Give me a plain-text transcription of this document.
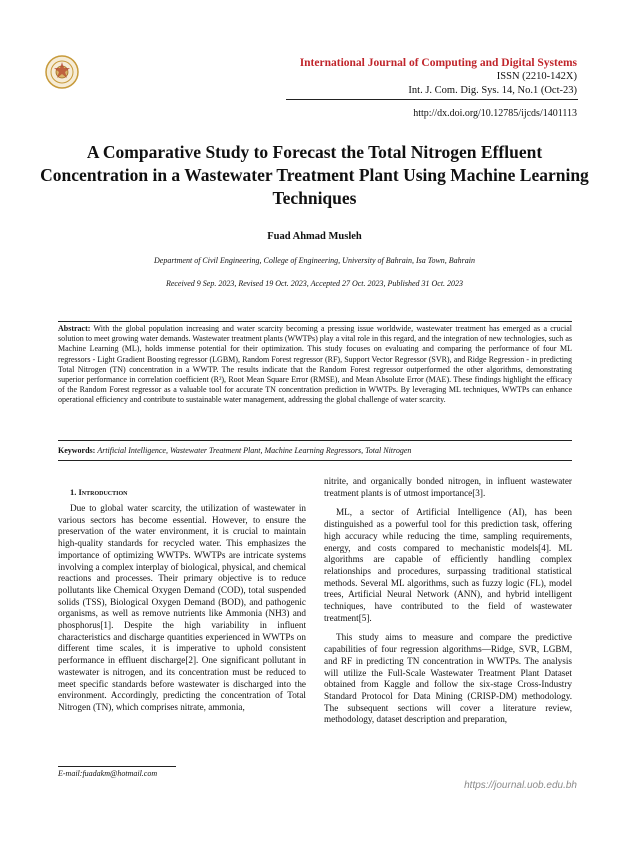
International Journal of Computing and Digital Systems
ISSN (2210-142X)
Int. J. Com. Dig. Sys. 14, No.1 (Oct-23)
http://dx.doi.org/10.12785/ijcds/1401113
A Comparative Study to Forecast the Total Nitrogen Effluent Concentration in a Wastewater Treatment Plant Using Machine Learning Techniques
Fuad Ahmad Musleh
Department of Civil Engineering, College of Engineering, University of Bahrain, Isa Town, Bahrain
Received 9 Sep. 2023, Revised 19 Oct. 2023, Accepted 27 Oct. 2023, Published 31 Oct. 2023
Abstract: With the global population increasing and water scarcity becoming a pressing issue worldwide, wastewater treatment has emerged as a crucial solution to meet growing water demands. Wastewater treatment plants (WWTPs) play a vital role in this regard, and the integration of new technologies, such as Machine Learning (ML), holds immense potential for their optimization. This study focuses on evaluating and comparing the performance of four ML regressors - Light Gradient Boosting regressor (LGBM), Random Forest regressor (RF), Support Vector Regressor (SVR), and Ridge Regression - in predicting Total Nitrogen (TN) concentration in a WWTP. The results indicate that the Random Forest regressor outperformed the other algorithms, demonstrating superior performance in correlation coefficient (R²), Root Mean Square Error (RMSE), and Mean Absolute Error (MAE). These findings highlight the efficacy of the Random Forest regressor as a valuable tool for accurate TN concentration prediction in WWTPs. By leveraging ML techniques, WWTPs can enhance operational efficiency and contribute to sustainable water management, addressing the global challenge of water scarcity.
Keywords: Artificial Intelligence, Wastewater Treatment Plant, Machine Learning Regressors, Total Nitrogen
1. Introduction

Due to global water scarcity, the utilization of wastewater in various sectors has become essential. However, to ensure the preservation of the water environment, it is crucial to maintain high-quality standards for recycled water. This emphasizes the importance of optimizing WWTPs. WWTPs are intricate systems involving a complex interplay of biological, physical, and chemical reactions and processes. Their primary objective is to reduce pollutants like Chemical Oxygen Demand (COD), total suspended solids (TSS), Biological Oxygen Demand (BOD), and pathogenic organisms, as well as remove nutrients like Ammonia (NH3) and phosphorus[1]. Despite the high variability in influent characteristics and discharge quantities experienced in WWTPs on different time scales, it is imperative to uphold consistent performance in effluent discharge[2]. One significant pollutant in wastewater is nitrogen, and its concentration must be reduced to meet specific standards before wastewater is discharged into the environment. Accordingly, predicting the concentration of Total Nitrogen (TN), which comprises nitrate, ammonia,

nitrite, and organically bonded nitrogen, in influent wastewater treatment plants is of utmost importance[3].

ML, a sector of Artificial Intelligence (AI), has been distinguished as a powerful tool for this prediction task, offering high accuracy while reducing the time, sampling requirements, energy, and costs compared to mechanistic models[4]. ML algorithms are capable of efficiently handling complex relationships and procedures, surpassing traditional statistical methods. Several ML algorithms, such as fuzzy logic (FL), model trees, Artificial Neural Network (ANN), and hybrid intelligent techniques, have contributed to the field of wastewater treatment[5].

This study aims to measure and compare the predictive capabilities of four regression algorithms—Ridge, SVR, LGBM, and RF in predicting TN concentration in WWTPs. The analysis will utilize the Full-Scale Wastewater Treatment Plant Dataset obtained from Kaggle and follow the six-stage Cross-Industry Standard Protocol for Data Mining (CRISP-DM) methodology. The subsequent sections will cover a literature review, methodology, dataset description and preparation,

E-mail:fuadakm@hotmail.com
https://journal.uob.edu.bh
